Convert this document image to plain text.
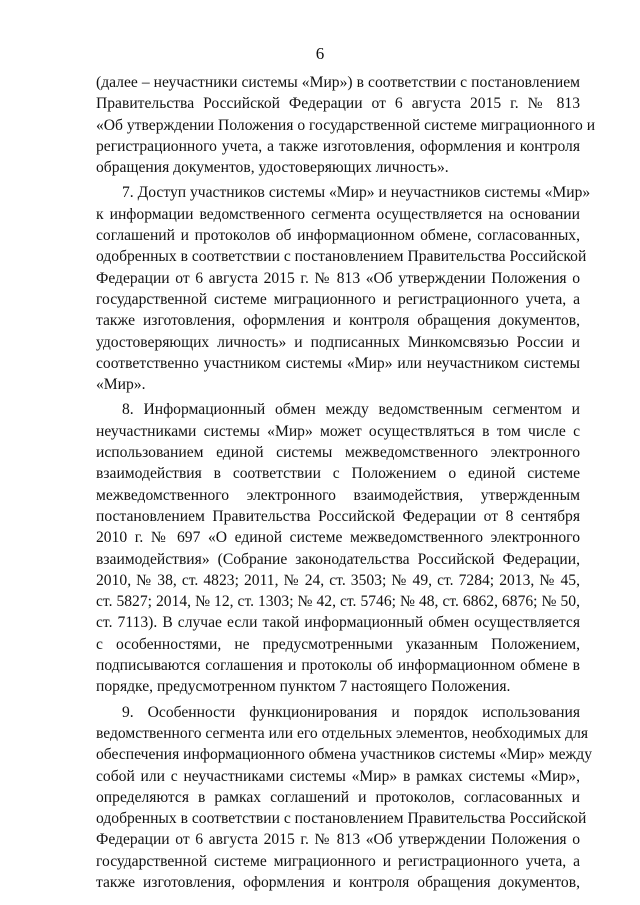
6
(далее – неучастники системы «Мир») в соответствии с постановлением
Правительства Российской Федерации от 6 августа 2015 г. № 813
«Об утверждении Положения о государственной системе миграционного и
регистрационного учета, а также изготовления, оформления и контроля
обращения документов, удостоверяющих личность».
7. Доступ участников системы «Мир» и неучастников системы «Мир»
к информации ведомственного сегмента осуществляется на основании
соглашений и протоколов об информационном обмене, согласованных,
одобренных в соответствии с постановлением Правительства Российской
Федерации от 6 августа 2015 г. № 813 «Об утверждении Положения о
государственной системе миграционного и регистрационного учета, а
также изготовления, оформления и контроля обращения документов,
удостоверяющих личность» и подписанных Минкомсвязью России и
соответственно участником системы «Мир» или неучастником системы
«Мир».
8. Информационный обмен между ведомственным сегментом и
неучастниками системы «Мир» может осуществляться в том числе с
использованием единой системы межведомственного электронного
взаимодействия в соответствии с Положением о единой системе
межведомственного электронного взаимодействия, утвержденным
постановлением Правительства Российской Федерации от 8 сентября
2010 г. № 697 «О единой системе межведомственного электронного
взаимодействия» (Собрание законодательства Российской Федерации,
2010, № 38, ст. 4823; 2011, № 24, ст. 3503; № 49, ст. 7284; 2013, № 45,
ст. 5827; 2014, № 12, ст. 1303; № 42, ст. 5746; № 48, ст. 6862, 6876; № 50,
ст. 7113). В случае если такой информационный обмен осуществляется
с особенностями, не предусмотренными указанным Положением,
подписываются соглашения и протоколы об информационном обмене в
порядке, предусмотренном пунктом 7 настоящего Положения.
9. Особенности функционирования и порядок использования
ведомственного сегмента или его отдельных элементов, необходимых для
обеспечения информационного обмена участников системы «Мир» между
собой или с неучастниками системы «Мир» в рамках системы «Мир»,
определяются в рамках соглашений и протоколов, согласованных и
одобренных в соответствии с постановлением Правительства Российской
Федерации от 6 августа 2015 г. № 813 «Об утверждении Положения о
государственной системе миграционного и регистрационного учета, а
также изготовления, оформления и контроля обращения документов,
